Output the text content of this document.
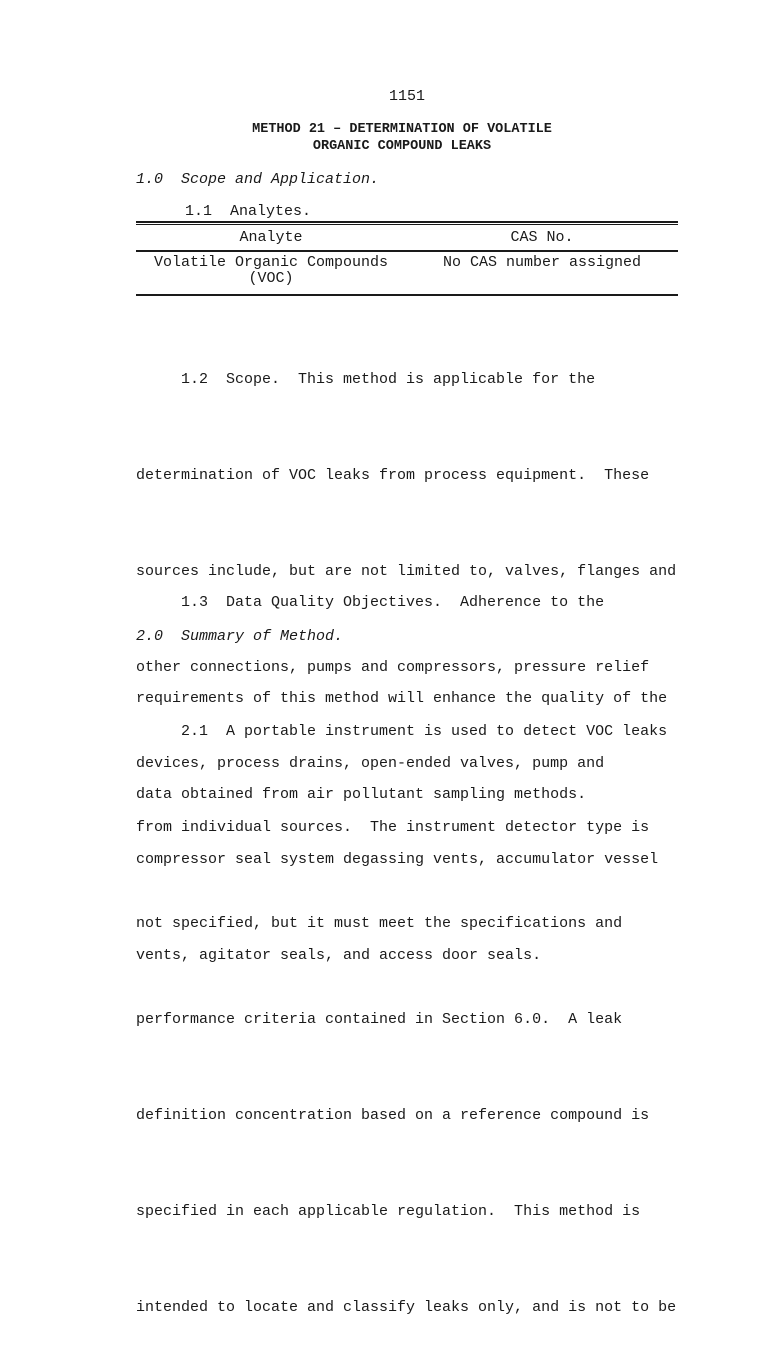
1151
METHOD 21 – DETERMINATION OF VOLATILE
ORGANIC COMPOUND LEAKS
1.0  Scope and Application.
1.1  Analytes.
Analyte	CAS No.
Volatile Organic Compounds
(VOC)
No CAS number assigned

1.2  Scope.  This method is applicable for the

determination of VOC leaks from process equipment.  These

sources include, but are not limited to, valves, flanges and

other connections, pumps and compressors, pressure relief

devices, process drains, open-ended valves, pump and

compressor seal system degassing vents, accumulator vessel

vents, agitator seals, and access door seals.

1.3  Data Quality Objectives.  Adherence to the

requirements of this method will enhance the quality of the

data obtained from air pollutant sampling methods.

2.0  Summary of Method.

2.1  A portable instrument is used to detect VOC leaks

from individual sources.  The instrument detector type is

not specified, but it must meet the specifications and

performance criteria contained in Section 6.0.  A leak

definition concentration based on a reference compound is

specified in each applicable regulation.  This method is

intended to locate and classify leaks only, and is not to be
